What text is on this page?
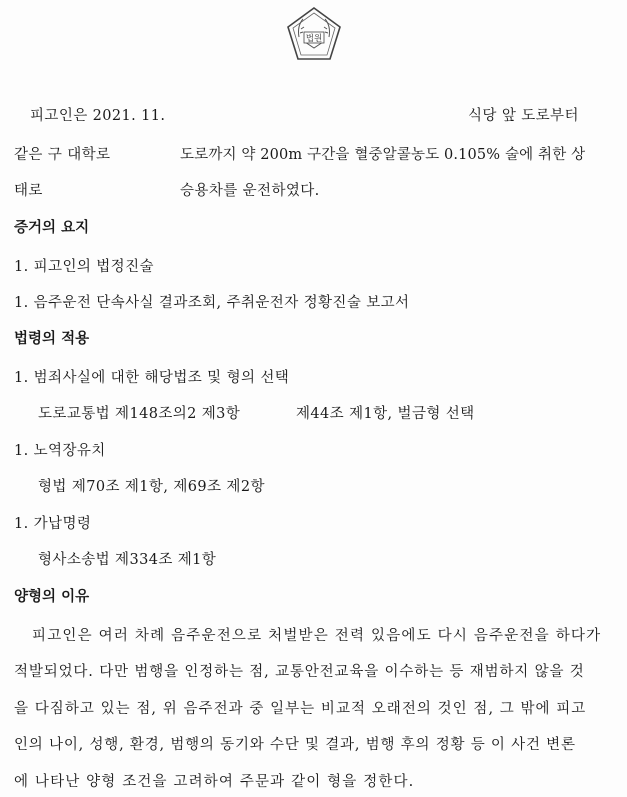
법원
피고인은 2021. 11.	식당 앞 도로부터
같은 구 대학로	도로까지 약 200m 구간을 혈중알콜농도 0.105% 술에 취한 상
태로	승용차를 운전하였다.
증거의 요지
1. 피고인의 법정진술
1. 음주운전 단속사실 결과조회, 주취운전자 정황진술 보고서
법령의 적용
1. 범죄사실에 대한 해당법조 및 형의 선택
도로교통법 제148조의2 제3항	제44조 제1항, 벌금형 선택
1. 노역장유치
형법 제70조 제1항, 제69조 제2항
1. 가납명령
형사소송법 제334조 제1항
양형의 이유
피고인은 여러 차례 음주운전으로 처벌받은 전력 있음에도 다시 음주운전을 하다가
적발되었다. 다만 범행을 인정하는 점, 교통안전교육을 이수하는 등 재범하지 않을 것
을 다짐하고 있는 점, 위 음주전과 중 일부는 비교적 오래전의 것인 점, 그 밖에 피고
인의 나이, 성행, 환경, 범행의 동기와 수단 및 결과, 범행 후의 정황 등 이 사건 변론
에 나타난 양형 조건을 고려하여 주문과 같이 형을 정한다.
